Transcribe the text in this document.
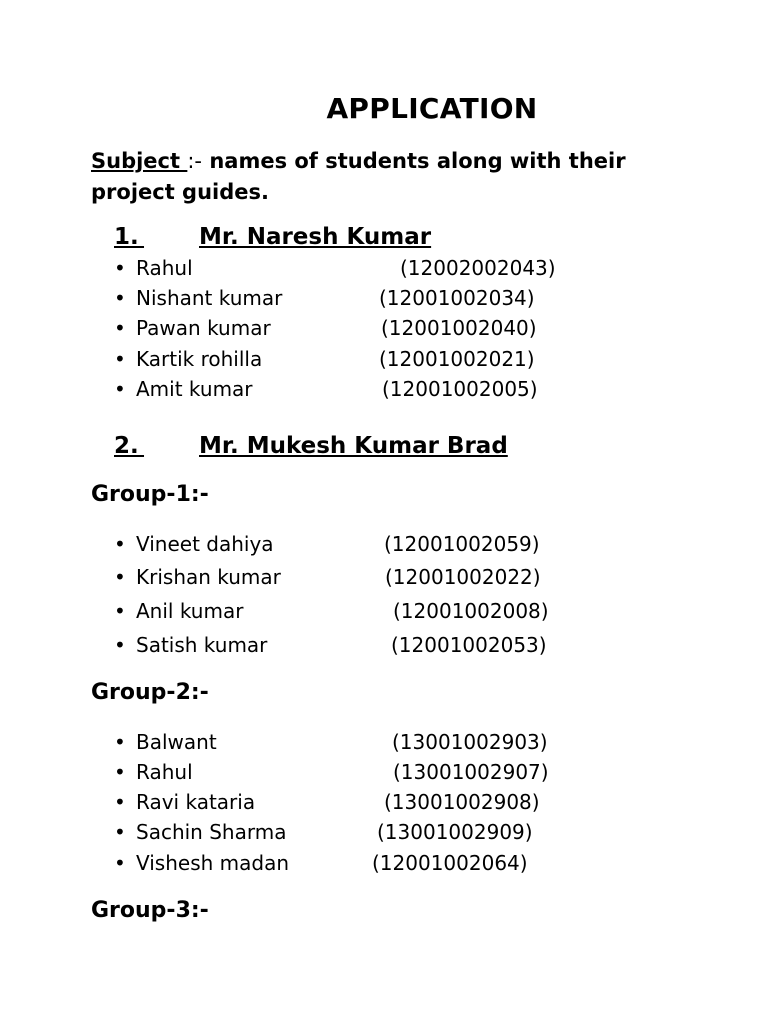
APPLICATION
Subject :- names of students along with their project guides.
1.
	Mr. Naresh Kumar
• Rahul	(12002002043)
• Nishant kumar	(12001002034)
• Pawan kumar	(12001002040)
• Kartik rohilla	(12001002021)
• Amit kumar	(12001002005)
2.
	Mr. Mukesh Kumar Brad
Group-1:-
• Vineet dahiya	(12001002059)
• Krishan kumar	(12001002022)
• Anil kumar	(12001002008)
• Satish kumar	(12001002053)
Group-2:-
• Balwant	(13001002903)
• Rahul	(13001002907)
• Ravi kataria	(13001002908)
• Sachin Sharma	(13001002909)
• Vishesh madan	(12001002064)
Group-3:-
